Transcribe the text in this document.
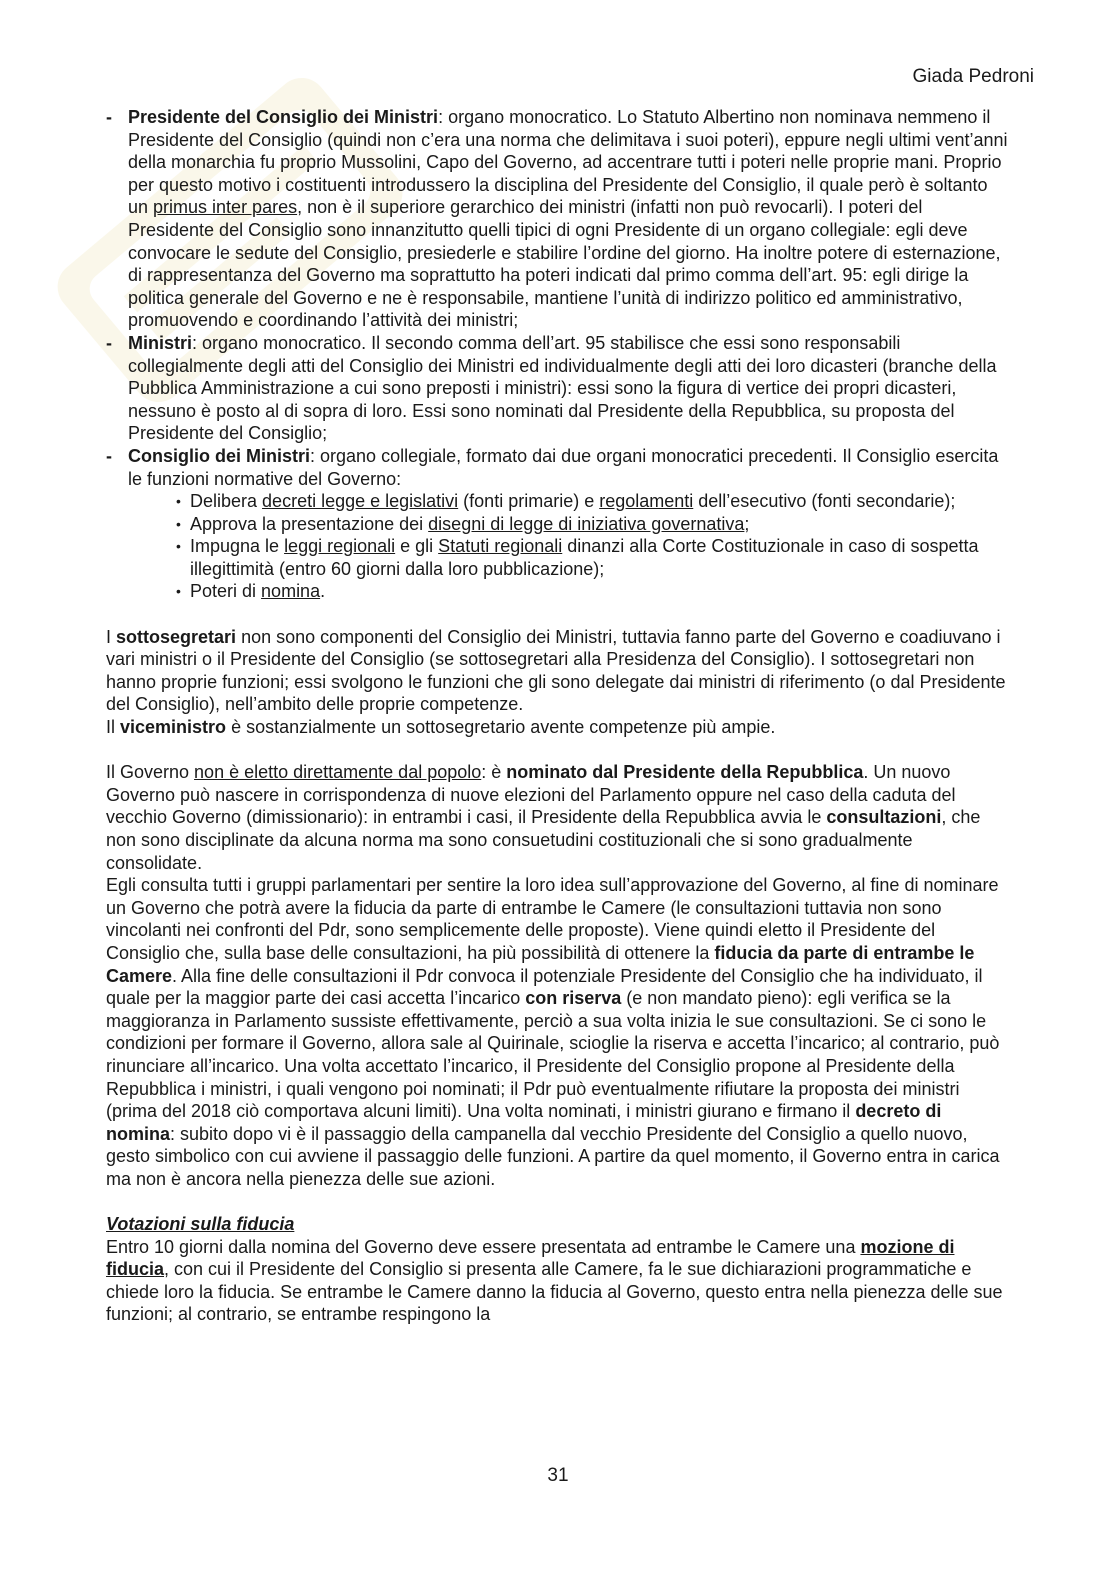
Giada Pedroni
- Presidente del Consiglio dei Ministri: organo monocratico. Lo Statuto Albertino non nominava nemmeno il Presidente del Consiglio (quindi non c’era una norma che delimitava i suoi poteri), eppure negli ultimi vent’anni della monarchia fu proprio Mussolini, Capo del Governo, ad accentrare tutti i poteri nelle proprie mani. Proprio per questo motivo i costituenti introdussero la disciplina del Presidente del Consiglio, il quale però è soltanto un primus inter pares, non è il superiore gerarchico dei ministri (infatti non può revocarli). I poteri del Presidente del Consiglio sono innanzitutto quelli tipici di ogni Presidente di un organo collegiale: egli deve convocare le sedute del Consiglio, presiederle e stabilire l’ordine del giorno. Ha inoltre potere di esternazione, di rappresentanza del Governo ma soprattutto ha poteri indicati dal primo comma dell’art. 95: egli dirige la politica generale del Governo e ne è responsabile, mantiene l’unità di indirizzo politico ed amministrativo, promuovendo e coordinando l’attività dei ministri;
- Ministri: organo monocratico. Il secondo comma dell’art. 95 stabilisce che essi sono responsabili collegialmente degli atti del Consiglio dei Ministri ed individualmente degli atti dei loro dicasteri (branche della Pubblica Amministrazione a cui sono preposti i ministri): essi sono la figura di vertice dei propri dicasteri, nessuno è posto al di sopra di loro. Essi sono nominati dal Presidente della Repubblica, su proposta del Presidente del Consiglio;
- Consiglio dei Ministri: organo collegiale, formato dai due organi monocratici precedenti. Il Consiglio esercita le funzioni normative del Governo:
• Delibera decreti legge e legislativi (fonti primarie) e regolamenti dell’esecutivo (fonti secondarie);
• Approva la presentazione dei disegni di legge di iniziativa governativa;
• Impugna le leggi regionali e gli Statuti regionali dinanzi alla Corte Costituzionale in caso di sospetta illegittimità (entro 60 giorni dalla loro pubblicazione);
• Poteri di nomina.

I sottosegretari non sono componenti del Consiglio dei Ministri, tuttavia fanno parte del Governo e coadiuvano i vari ministri o il Presidente del Consiglio (se sottosegretari alla Presidenza del Consiglio). I sottosegretari non hanno proprie funzioni; essi svolgono le funzioni che gli sono delegate dai ministri di riferimento (o dal Presidente del Consiglio), nell’ambito delle proprie competenze.

Il viceministro è sostanzialmente un sottosegretario avente competenze più ampie.

Il Governo non è eletto direttamente dal popolo: è nominato dal Presidente della Repubblica. Un nuovo Governo può nascere in corrispondenza di nuove elezioni del Parlamento oppure nel caso della caduta del vecchio Governo (dimissionario): in entrambi i casi, il Presidente della Repubblica avvia le consultazioni, che non sono disciplinate da alcuna norma ma sono consuetudini costituzionali che si sono gradualmente consolidate.

Egli consulta tutti i gruppi parlamentari per sentire la loro idea sull’approvazione del Governo, al fine di nominare un Governo che potrà avere la fiducia da parte di entrambe le Camere (le consultazioni tuttavia non sono vincolanti nei confronti del Pdr, sono semplicemente delle proposte). Viene quindi eletto il Presidente del Consiglio che, sulla base delle consultazioni, ha più possibilità di ottenere la fiducia da parte di entrambe le Camere. Alla fine delle consultazioni il Pdr convoca il potenziale Presidente del Consiglio che ha individuato, il quale per la maggior parte dei casi accetta l’incarico con riserva (e non mandato pieno): egli verifica se la maggioranza in Parlamento sussiste effettivamente, perciò a sua volta inizia le sue consultazioni. Se ci sono le condizioni per formare il Governo, allora sale al Quirinale, scioglie la riserva e accetta l’incarico; al contrario, può rinunciare all’incarico. Una volta accettato l’incarico, il Presidente del Consiglio propone al Presidente della Repubblica i ministri, i quali vengono poi nominati; il Pdr può eventualmente rifiutare la proposta dei ministri (prima del 2018 ciò comportava alcuni limiti). Una volta nominati, i ministri giurano e firmano il decreto di nomina: subito dopo vi è il passaggio della campanella dal vecchio Presidente del Consiglio a quello nuovo, gesto simbolico con cui avviene il passaggio delle funzioni. A partire da quel momento, il Governo entra in carica ma non è ancora nella pienezza delle sue azioni.

Votazioni sulla fiducia

Entro 10 giorni dalla nomina del Governo deve essere presentata ad entrambe le Camere una mozione di fiducia, con cui il Presidente del Consiglio si presenta alle Camere, fa le sue dichiarazioni programmatiche e chiede loro la fiducia. Se entrambe le Camere danno la fiducia al Governo, questo entra nella pienezza delle sue funzioni; al contrario, se entrambe respingono la

31
